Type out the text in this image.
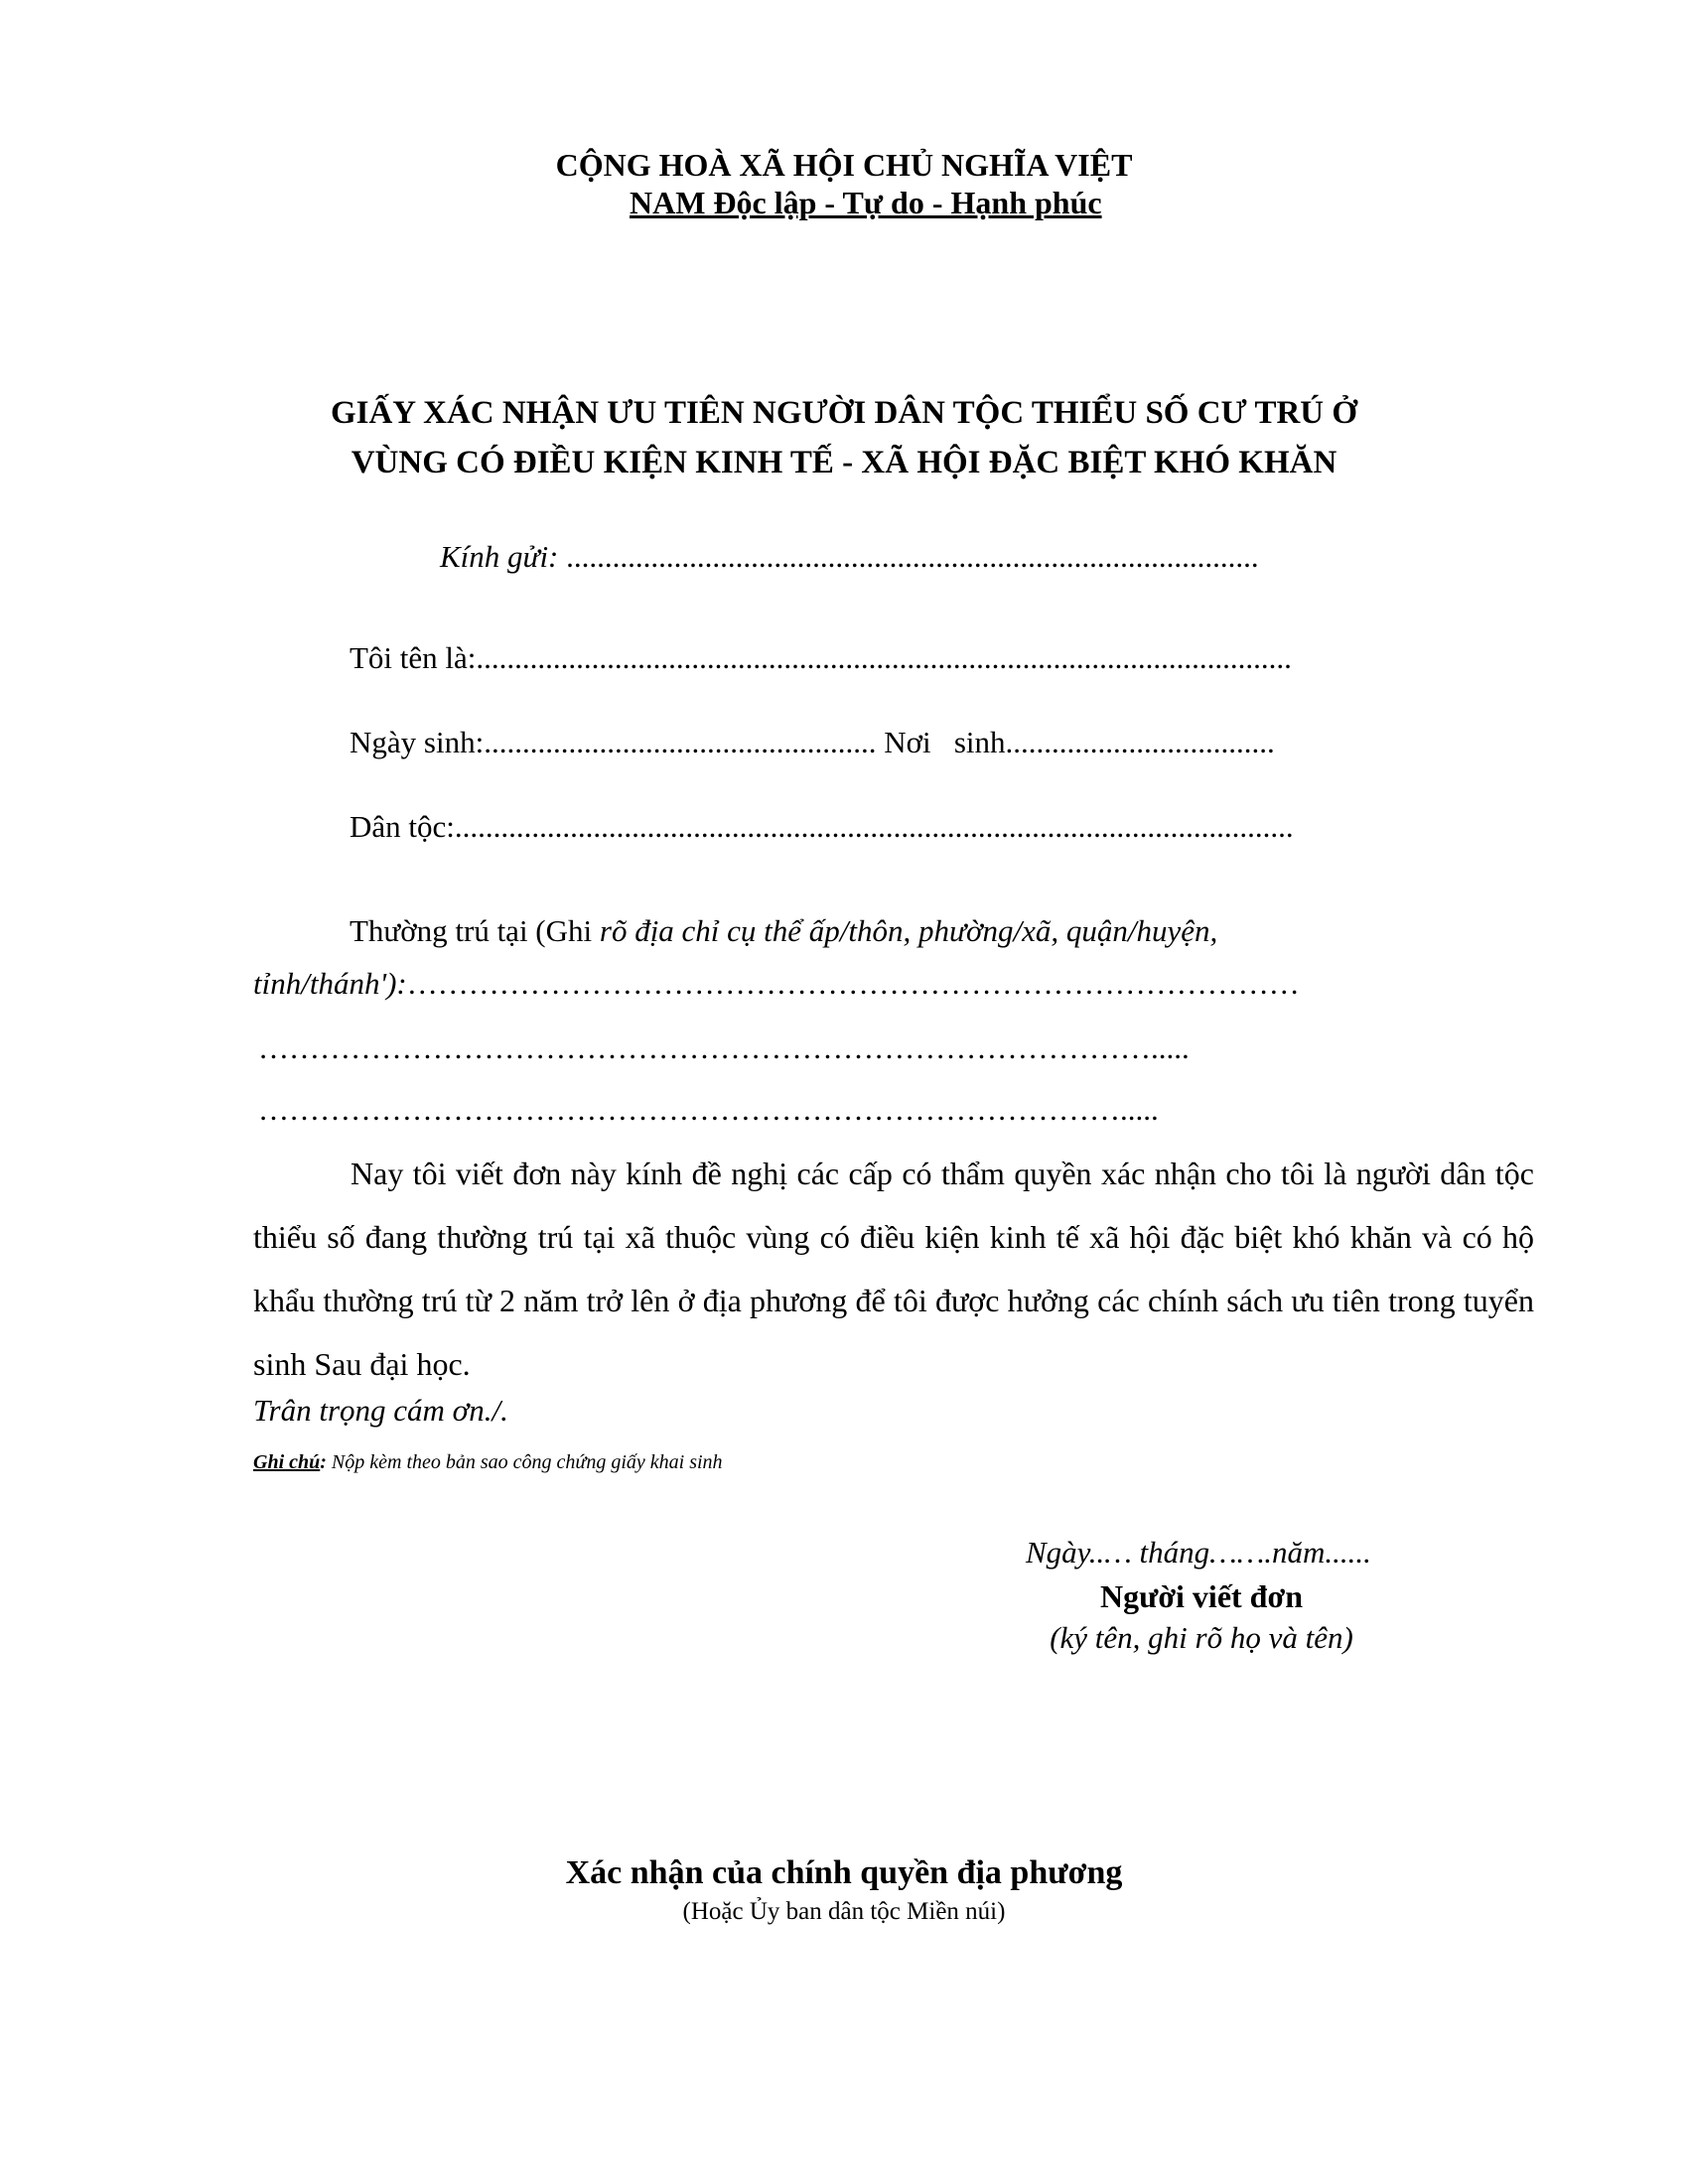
CỘNG HOÀ XÃ HỘI CHỦ NGHĨA VIỆT
NAM Độc lập - Tự do - Hạnh phúc
GIẤY XÁC NHẬN ƯU TIÊN NGƯỜI DÂN TỘC THIỂU SỐ CƯ TRÚ Ở
VÙNG CÓ ĐIỀU KIỆN KINH TẾ - XÃ HỘI ĐẶC BIỆT KHÓ KHĂN
Kính gửi: ..........................................................................................
Tôi tên là:..........................................................................................................
Ngày sinh:................................................... Nơi   sinh...................................
Dân tộc:.............................................................................................................
Thường trú tại (Ghi rõ địa chỉ cụ thể ấp/thôn, phường/xã, quận/huyện,
tỉnh/thánh'):……………………………………………………………………………
…………………………………………………………………………….....
………………………………………………………………………….....
Nay tôi viết đơn này kính đề nghị các cấp có thẩm quyền xác nhận cho tôi là người dân tộc thiểu số đang thường trú tại xã thuộc vùng có điều kiện kinh tế xã hội đặc biệt khó khăn và có hộ khẩu thường trú từ 2 năm trở lên ở địa phương để tôi được hưởng các chính sách ưu tiên trong tuyển sinh Sau đại học.
Trân trọng cám ơn./.
Ghi chú: Nộp kèm theo bản sao công chứng giấy khai sinh
Ngày..… tháng…….năm......
Người viết đơn
(ký tên, ghi rõ họ và tên)
Xác nhận của chính quyền địa phương
(Hoặc Ủy ban dân tộc Miền núi)
